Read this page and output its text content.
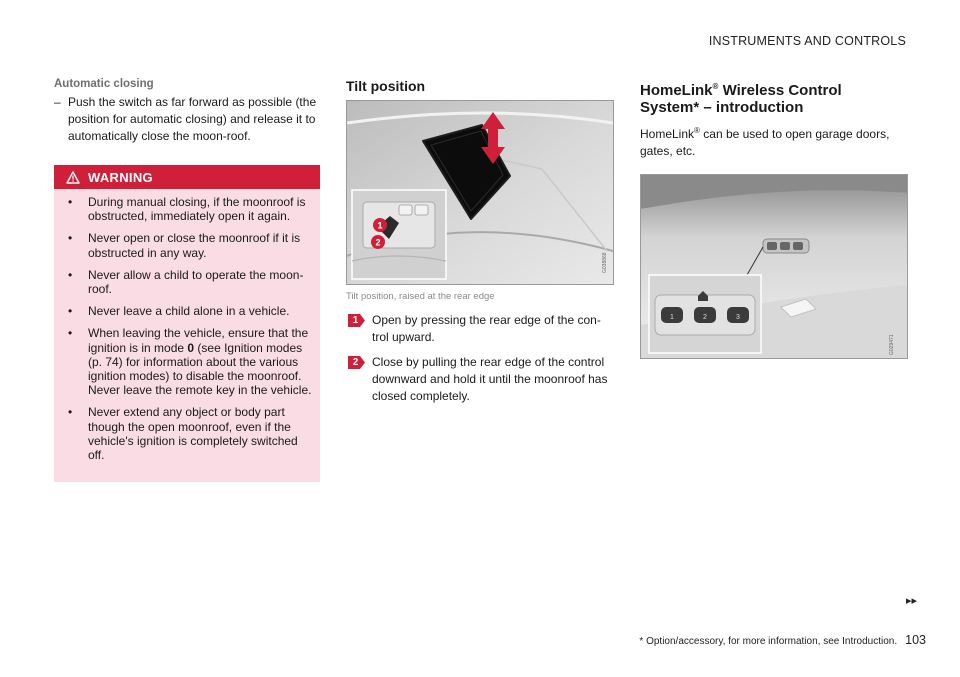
INSTRUMENTS AND CONTROLS
Automatic closing
– Push the switch as far forward as possible (the position for automatic closing) and release it to automatically close the moon-roof.
WARNING
•	During manual closing, if the moonroof is obstructed, immediately open it again.
•	Never open or close the moonroof if it is obstructed in any way.
•	Never allow a child to operate the moon-roof.
•	Never leave a child alone in a vehicle.
•	When leaving the vehicle, ensure that the ignition is in mode 0 (see Ignition modes (p. 74) for information about the various ignition modes) to disable the moonroof. Never leave the remote key in the vehicle.
•	Never extend any object or body part though the open moonroof, even if the vehicle's ignition is completely switched off.
Tilt position
1
2
G038868
Tilt position, raised at the rear edge
1	Open by pressing the rear edge of the con-trol upward.
2	Close by pulling the rear edge of the control downward and hold it until the moonroof has closed completely.
HomeLink® Wireless Control
System* – introduction

HomeLink® can be used to open garage doors, gates, etc.

1	2	3
G029471
▸▸
* Option/accessory, for more information, see Introduction. 103
